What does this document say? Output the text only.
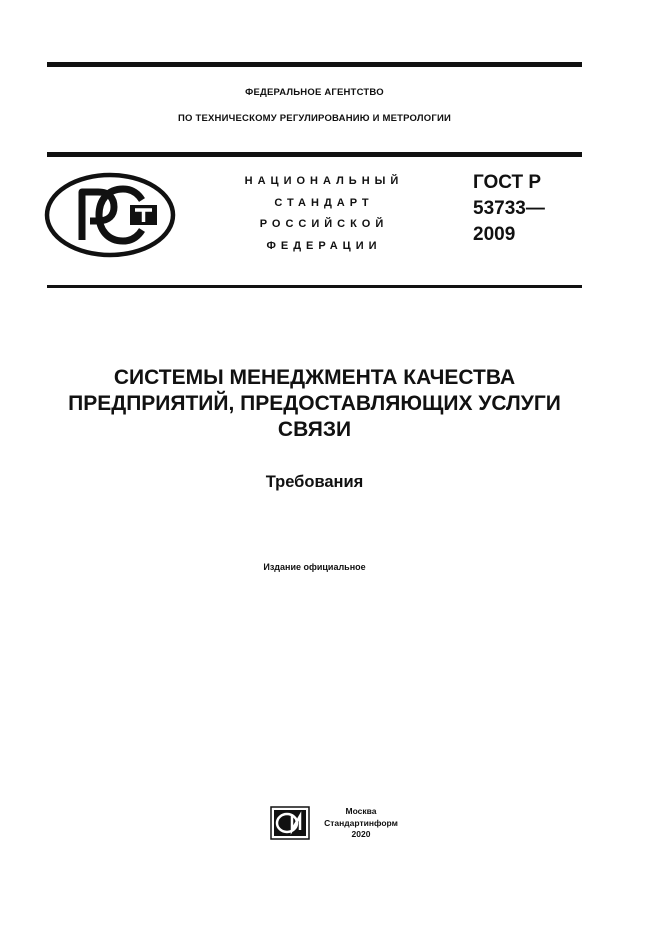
ФЕДЕРАЛЬНОЕ АГЕНТСТВО
ПО ТЕХНИЧЕСКОМУ РЕГУЛИРОВАНИЮ И МЕТРОЛОГИИ
НАЦИОНАЛЬНЫЙ
СТАНДАРТ
РОССИЙСКОЙ
ФЕДЕРАЦИИ
ГОСТ Р
53733—
2009
СИСТЕМЫ МЕНЕДЖМЕНТА КАЧЕСТВА
ПРЕДПРИЯТИЙ, ПРЕДОСТАВЛЯЮЩИХ УСЛУГИ
СВЯЗИ
Требования
Издание официальное
Москва
Стандартинформ
2020
